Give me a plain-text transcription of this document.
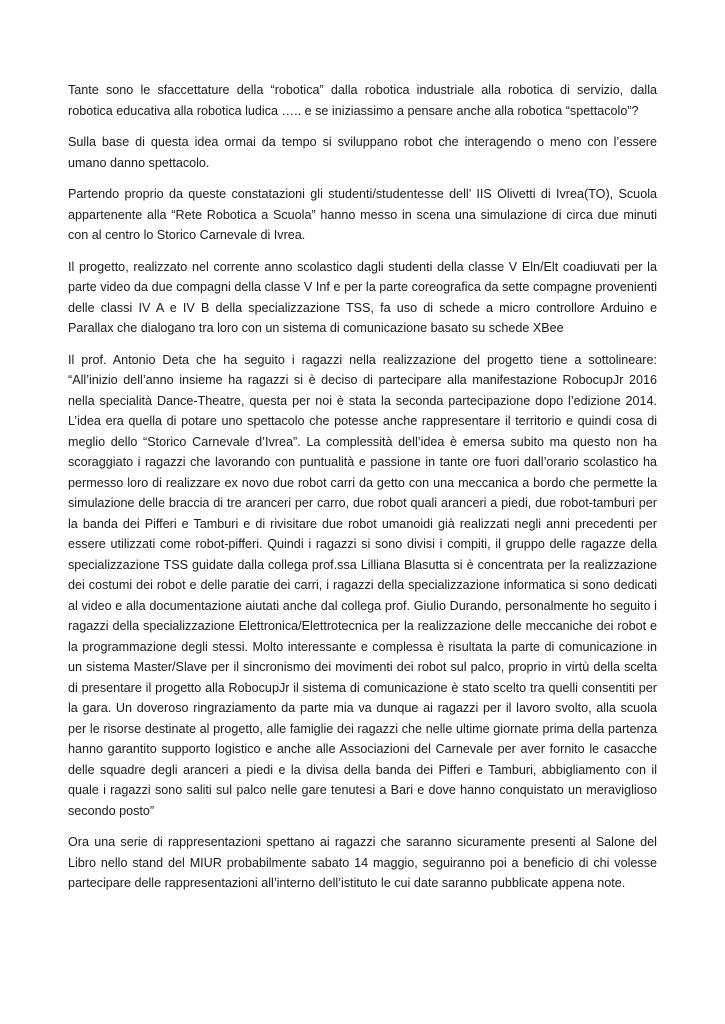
Tante sono le sfaccettature della “robotica” dalla robotica industriale alla robotica di servizio, dalla robotica educativa alla robotica ludica ….. e se iniziassimo a pensare anche alla robotica “spettacolo”?

Sulla base di questa idea ormai da tempo si sviluppano robot che interagendo o meno con l’essere umano danno spettacolo.

Partendo proprio da queste constatazioni gli studenti/studentesse dell’ IIS Olivetti di Ivrea(TO), Scuola appartenente alla “Rete Robotica a Scuola” hanno messo in scena una simulazione di circa due minuti con al centro lo Storico Carnevale di Ivrea.

Il progetto, realizzato nel corrente anno scolastico dagli studenti della classe V Eln/Elt coadiuvati per la parte video da due compagni della classe V Inf e per la parte coreografica da sette compagne provenienti delle classi IV A e IV B della specializzazione TSS, fa uso di schede a micro controllore Arduino e Parallax che dialogano tra loro con un sistema di comunicazione basato su schede XBee

Il prof. Antonio Deta che ha seguito i ragazzi nella realizzazione del progetto tiene a sottolineare: “All’inizio dell’anno insieme ha ragazzi si è deciso di partecipare alla manifestazione RobocupJr 2016 nella specialità Dance-Theatre, questa per noi è stata la seconda partecipazione dopo l’edizione 2014. L’idea era quella di potare uno spettacolo che potesse anche rappresentare il territorio e quindi cosa di meglio dello “Storico Carnevale d’Ivrea”. La complessità dell’idea è emersa subito ma questo non ha scoraggiato i ragazzi che lavorando con puntualità e passione in tante ore fuori dall’orario scolastico ha permesso loro di realizzare ex novo due robot carri da getto con una meccanica a bordo che permette la simulazione delle braccia di tre aranceri per carro, due robot quali aranceri a piedi, due robot-tamburi per la banda dei Pifferi e Tamburi e di rivisitare due robot umanoidi già realizzati negli anni precedenti per essere utilizzati come robot-pifferi. Quindi i ragazzi si sono divisi i compiti, il gruppo delle ragazze della specializzazione TSS guidate dalla collega prof.ssa Lilliana Blasutta si è concentrata per la realizzazione dei costumi dei robot e delle paratie dei carri, i ragazzi della specializzazione informatica si sono dedicati al video e alla documentazione aiutati anche dal collega prof. Giulio Durando, personalmente ho seguito i ragazzi della specializzazione Elettronica/Elettrotecnica per la realizzazione delle meccaniche dei robot e la programmazione degli stessi. Molto interessante e complessa è risultata la parte di comunicazione in un sistema Master/Slave per il sincronismo dei movimenti dei robot sul palco, proprio in virtù della scelta di presentare il progetto alla RobocupJr il sistema di comunicazione è stato scelto tra quelli consentiti per la gara. Un doveroso ringraziamento da parte mia va dunque ai ragazzi per il lavoro svolto, alla scuola per le risorse destinate al progetto, alle famiglie dei ragazzi che nelle ultime giornate prima della partenza hanno garantito supporto logistico e anche alle Associazioni del Carnevale per aver fornito le casacche delle squadre degli aranceri a piedi e la divisa della banda dei Pifferi e Tamburi, abbigliamento con il quale i ragazzi sono saliti sul palco nelle gare tenutesi a Bari e dove hanno conquistato un meraviglioso secondo posto”

Ora una serie di rappresentazioni spettano ai ragazzi che saranno sicuramente presenti al Salone del Libro nello stand del MIUR probabilmente sabato 14 maggio, seguiranno poi a beneficio di chi volesse partecipare delle rappresentazioni all’interno dell’istituto le cui date saranno pubblicate appena note.
